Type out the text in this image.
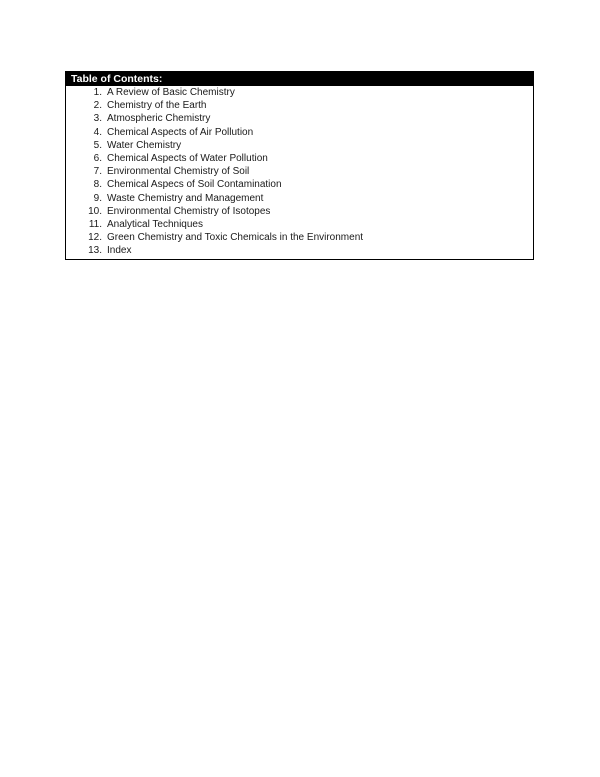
Table of Contents:
1. A Review of Basic Chemistry
2. Chemistry of the Earth
3. Atmospheric Chemistry
4. Chemical Aspects of Air Pollution
5. Water Chemistry
6. Chemical Aspects of Water Pollution
7. Environmental Chemistry of Soil
8. Chemical Aspecs of Soil Contamination
9. Waste Chemistry and Management
10. Environmental Chemistry of Isotopes
11. Analytical Techniques
12. Green Chemistry and Toxic Chemicals in the Environment
13. Index
